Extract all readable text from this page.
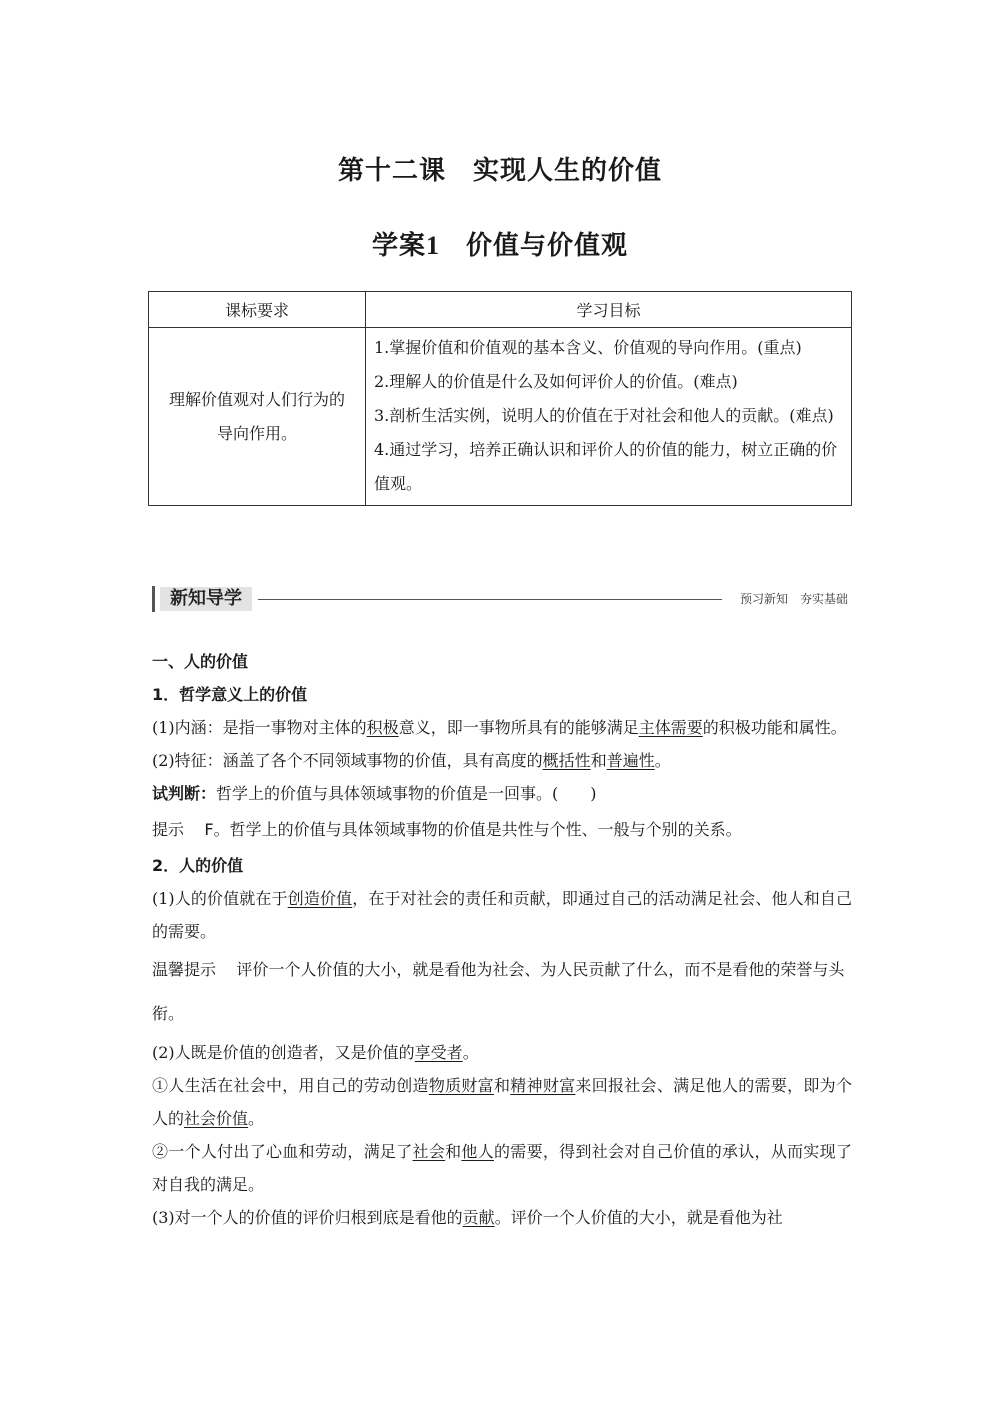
第十二课　实现人生的价值
学案1 价值与价值观
课标要求	学习目标
理解价值观对人们行为的导向作用。	1.掌握价值和价值观的基本含义、价值观的导向作用。(重点)
2.理解人的价值是什么及如何评价人的价值。(难点)
3.剖析生活实例，说明人的价值在于对社会和他人的贡献。(难点)
4.通过学习，培养正确认识和评价人的价值的能力，树立正确的价值观。
新知导学	预习新知　夯实基础

一、人的价值

1．哲学意义上的价值

(1)内涵：是指一事物对主体的积极意义，即一事物所具有的能够满足主体需要的积极功能和属性。

(2)特征：涵盖了各个不同领域事物的价值，具有高度的概括性和普遍性。

试判断：哲学上的价值与具体领域事物的价值是一回事。(　　)

提示 F。哲学上的价值与具体领域事物的价值是共性与个性、一般与个别的关系。

2．人的价值

(1)人的价值就在于创造价值，在于对社会的责任和贡献，即通过自己的活动满足社会、他人和自己的需要。

温馨提示 评价一个人价值的大小，就是看他为社会、为人民贡献了什么，而不是看他的荣誉与头衔。

(2)人既是价值的创造者，又是价值的享受者。

①人生活在社会中，用自己的劳动创造物质财富和精神财富来回报社会、满足他人的需要，即为个人的社会价值。

②一个人付出了心血和劳动，满足了社会和他人的需要，得到社会对自己价值的承认，从而实现了对自我的满足。

(3)对一个人的价值的评价归根到底是看他的贡献。评价一个人价值的大小，就是看他为社
